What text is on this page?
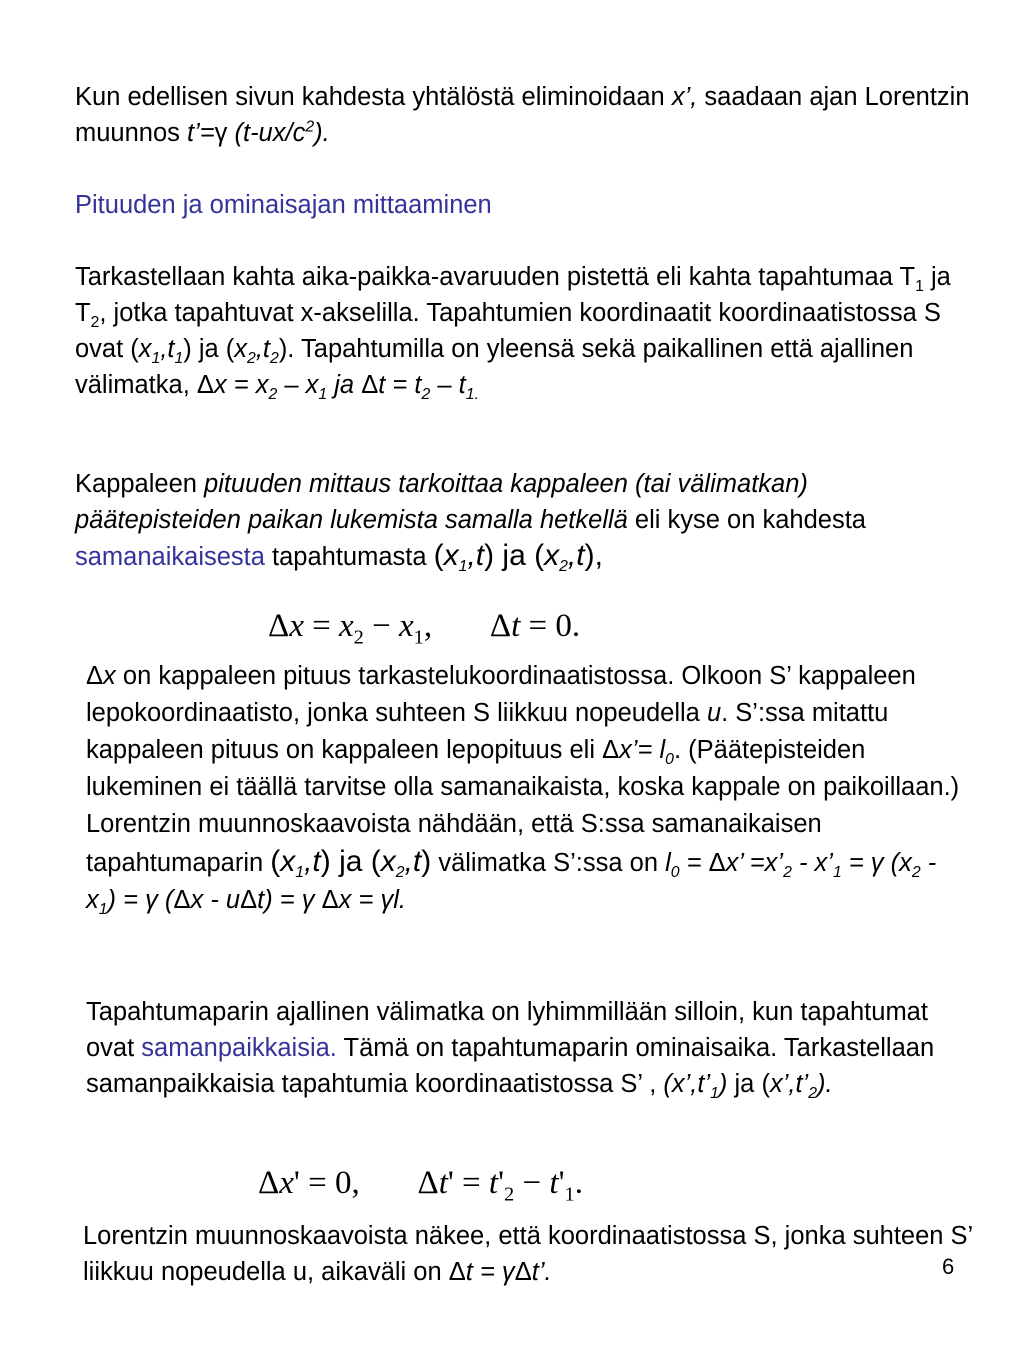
Kun edellisen sivun kahdesta yhtälöstä eliminoidaan x’, saadaan ajan Lorentzin muunnos t’=γ $(t-ux/c^2)$.
Pituuden ja ominaisajan mittaaminen
Tarkastellaan kahta aika-paikka-avaruuden pistettä eli kahta tapahtumaa $T_1$ ja $T_2$, jotka tapahtuvat x-akselilla. Tapahtumien koordinaatit koordinaatistossa S ovat $(x_1,t_1)$ ja $(x_2,t_2)$. Tapahtumilla on yleensä sekä paikallinen että ajallinen välimatka, $\Delta x = x_2 - x_1$ ja $\Delta t = t_2 - t_{1.}$
Kappaleen pituuden mittaus tarkoittaa kappaleen (tai välimatkan) päätepisteiden paikan lukemista samalla hetkellä eli kyse on kahdesta samanaikaisesta tapahtumasta $(x_1,t)$ ja $(x_2,t)$,
$\Delta x = x_2 - x_1$, Δt = 0.
Δx on kappaleen pituus tarkastelukoordinaatistossa. Olkoon S’ kappaleen lepokoordinaatisto, jonka suhteen S liikkuu nopeudella u. S’:ssa mitattu kappaleen pituus on kappaleen lepopituus eli Δx’= $l_0$. (Päätepisteiden lukeminen ei täällä tarvitse olla samanaikaista, koska kappale on paikoillaan.) Lorentzin muunnoskaavoista nähdään, että S:ssa samanaikaisen tapahtumaparin $(x_1,t)$ ja $(x_2,t)$ välimatka S’:ssa on $l_0 = \Delta x$’ $=x’_2$ - $x’_1 = \gamma$ $(x_2 - x_1) = \gamma$ (Δx - uΔt) = γ Δx = γl.
Tapahtumaparin ajallinen välimatka on lyhimmillään silloin, kun tapahtumat ovat samanpaikkaisia. Tämä on tapahtumaparin ominaisaika. Tarkastellaan samanpaikkaisia tapahtumia koordinaatistossa S’ , $(x’,t’_1)$ ja $(x’,t’_2)$.
Δx' = 0, $\Delta t' = t'_2 - t'_1$.
Lorentzin muunnoskaavoista näkee, että koordinaatistossa S, jonka suhteen S’ liikkuu nopeudella u, aikaväli on Δt = γΔt’.	6
